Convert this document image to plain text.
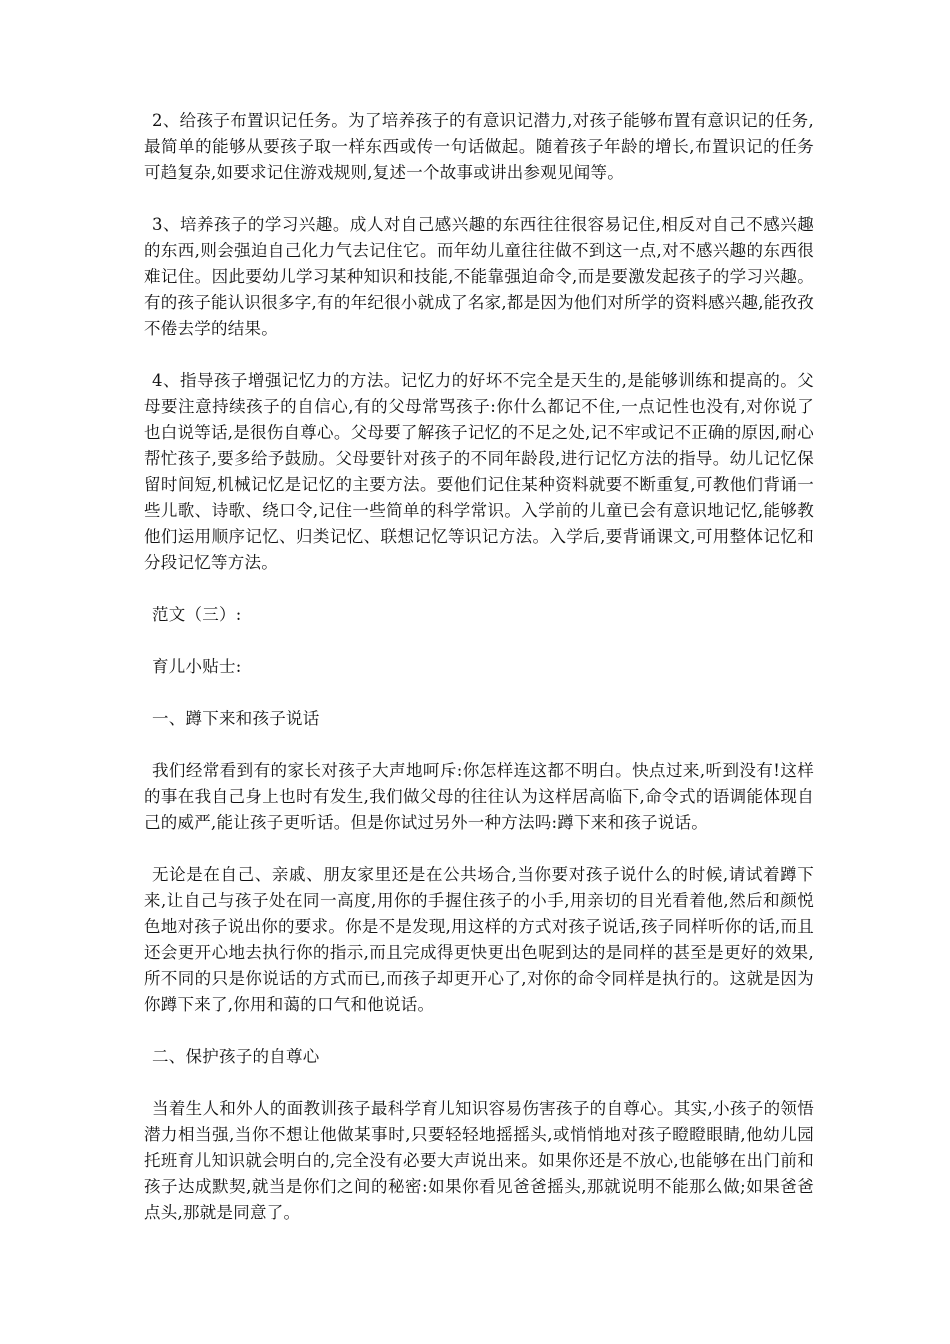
2、给孩子布置识记任务。为了培养孩子的有意识记潜力,对孩子能够布置有意识记的任务,最简单的能够从要孩子取一样东西或传一句话做起。随着孩子年龄的增长,布置识记的任务可趋复杂,如要求记住游戏规则,复述一个故事或讲出参观见闻等。

3、培养孩子的学习兴趣。成人对自己感兴趣的东西往往很容易记住,相反对自己不感兴趣的东西,则会强迫自己化力气去记住它。而年幼儿童往往做不到这一点,对不感兴趣的东西很难记住。因此要幼儿学习某种知识和技能,不能靠强迫命令,而是要激发起孩子的学习兴趣。有的孩子能认识很多字,有的年纪很小就成了名家,都是因为他们对所学的资料感兴趣,能孜孜不倦去学的结果。

4、指导孩子增强记忆力的方法。记忆力的好坏不完全是天生的,是能够训练和提高的。父母要注意持续孩子的自信心,有的父母常骂孩子:你什么都记不住,一点记性也没有,对你说了也白说等话,是很伤自尊心。父母要了解孩子记忆的不足之处,记不牢或记不正确的原因,耐心帮忙孩子,要多给予鼓励。父母要针对孩子的不同年龄段,进行记忆方法的指导。幼儿记忆保留时间短,机械记忆是记忆的主要方法。要他们记住某种资料就要不断重复,可教他们背诵一些儿歌、诗歌、绕口令,记住一些简单的科学常识。入学前的儿童已会有意识地记忆,能够教他们运用顺序记忆、归类记忆、联想记忆等识记方法。入学后,要背诵课文,可用整体记忆和分段记忆等方法。

范文（三）:

育儿小贴士:

一、蹲下来和孩子说话

我们经常看到有的家长对孩子大声地呵斥:你怎样连这都不明白。快点过来,听到没有!这样的事在我自己身上也时有发生,我们做父母的往往认为这样居高临下,命令式的语调能体现自己的威严,能让孩子更听话。但是你试过另外一种方法吗:蹲下来和孩子说话。

无论是在自己、亲戚、朋友家里还是在公共场合,当你要对孩子说什么的时候,请试着蹲下来,让自己与孩子处在同一高度,用你的手握住孩子的小手,用亲切的目光看着他,然后和颜悦色地对孩子说出你的要求。你是不是发现,用这样的方式对孩子说话,孩子同样听你的话,而且还会更开心地去执行你的指示,而且完成得更快更出色呢到达的是同样的甚至是更好的效果,所不同的只是你说话的方式而已,而孩子却更开心了,对你的命令同样是执行的。这就是因为你蹲下来了,你用和蔼的口气和他说话。

二、保护孩子的自尊心

当着生人和外人的面教训孩子最科学育儿知识容易伤害孩子的自尊心。其实,小孩子的领悟潜力相当强,当你不想让他做某事时,只要轻轻地摇摇头,或悄悄地对孩子瞪瞪眼睛,他幼儿园托班育儿知识就会明白的,完全没有必要大声说出来。如果你还是不放心,也能够在出门前和孩子达成默契,就当是你们之间的秘密:如果你看见爸爸摇头,那就说明不能那么做;如果爸爸点头,那就是同意了。
